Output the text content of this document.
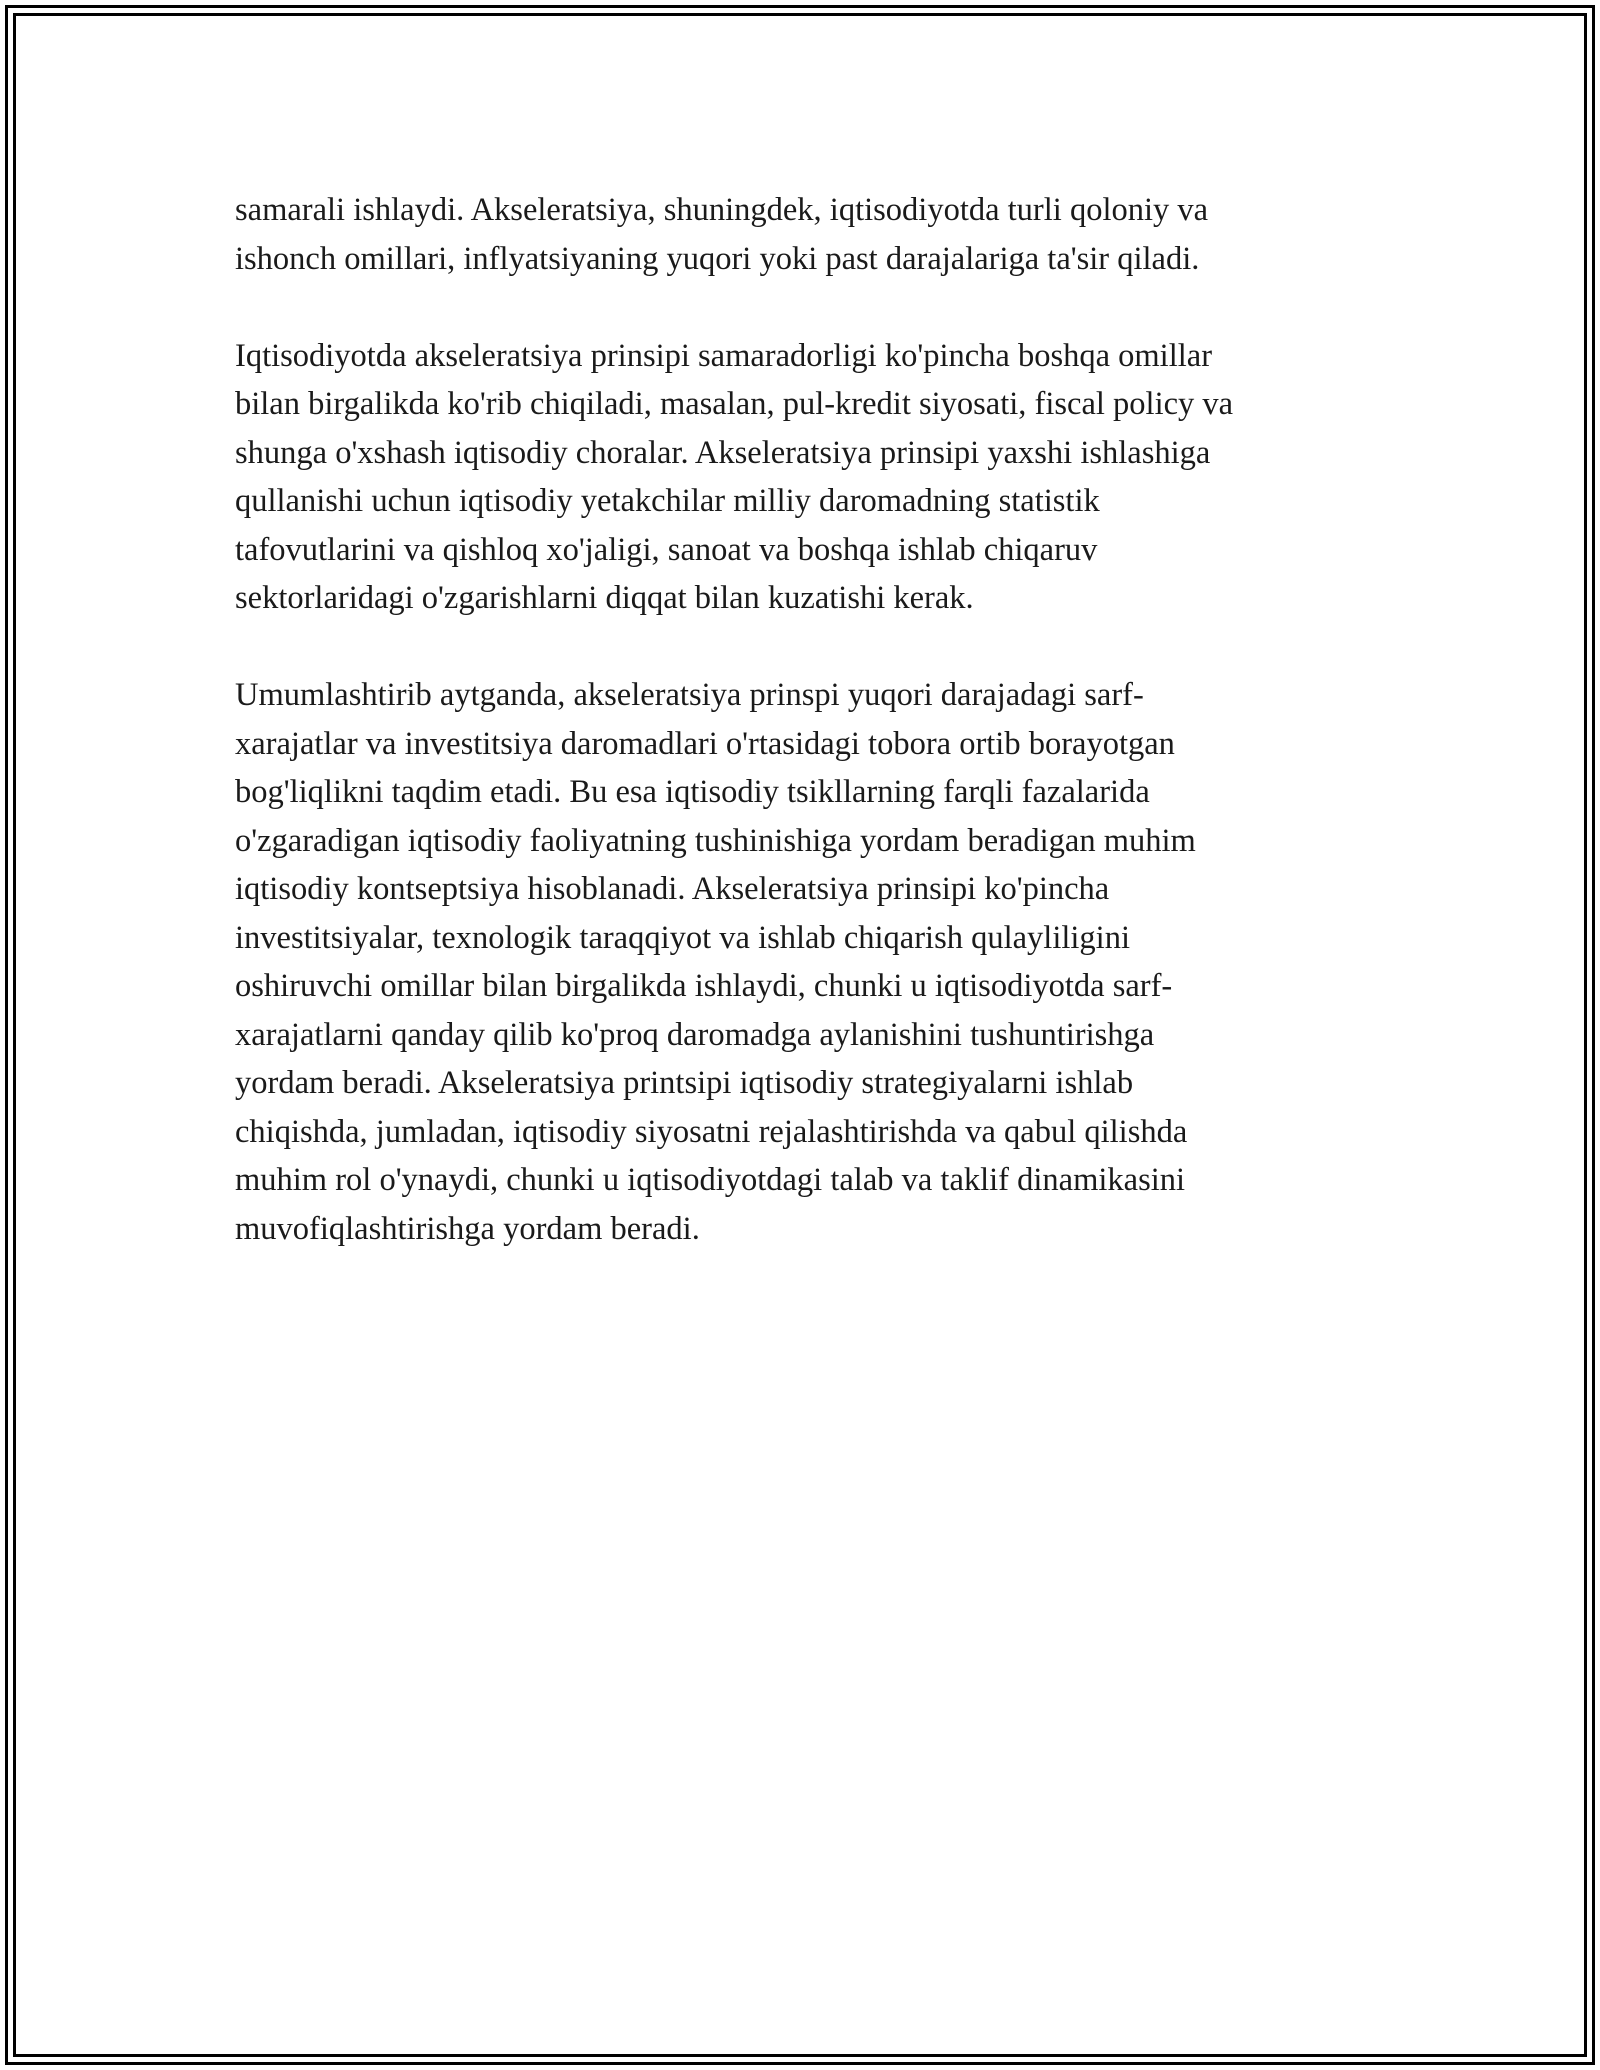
samarali ishlaydi. Akseleratsiya, shuningdek, iqtisodiyotda turli qoloniy va
ishonch omillari, inflyatsiyaning yuqori yoki past darajalariga ta'sir qiladi.

Iqtisodiyotda akseleratsiya prinsipi samaradorligi ko'pincha boshqa omillar
bilan birgalikda ko'rib chiqiladi, masalan, pul-kredit siyosati, fiscal policy va
shunga o'xshash iqtisodiy choralar. Akseleratsiya prinsipi yaxshi ishlashiga
qullanishi uchun iqtisodiy yetakchilar milliy daromadning statistik
tafovutlarini va qishloq xo'jaligi, sanoat va boshqa ishlab chiqaruv
sektorlaridagi o'zgarishlarni diqqat bilan kuzatishi kerak.

Umumlashtirib aytganda, akseleratsiya prinspi yuqori darajadagi sarf-
xarajatlar va investitsiya daromadlari o'rtasidagi tobora ortib borayotgan
bog'liqlikni taqdim etadi. Bu esa iqtisodiy tsikllarning farqli fazalarida
o'zgaradigan iqtisodiy faoliyatning tushinishiga yordam beradigan muhim
iqtisodiy kontseptsiya hisoblanadi. Akseleratsiya prinsipi ko'pincha
investitsiyalar, texnologik taraqqiyot va ishlab chiqarish qulayliligini
oshiruvchi omillar bilan birgalikda ishlaydi, chunki u iqtisodiyotda sarf-
xarajatlarni qanday qilib ko'proq daromadga aylanishini tushuntirishga
yordam beradi. Akseleratsiya printsipi iqtisodiy strategiyalarni ishlab
chiqishda, jumladan, iqtisodiy siyosatni rejalashtirishda va qabul qilishda
muhim rol o'ynaydi, chunki u iqtisodiyotdagi talab va taklif dinamikasini
muvofiqlashtirishga yordam beradi.
